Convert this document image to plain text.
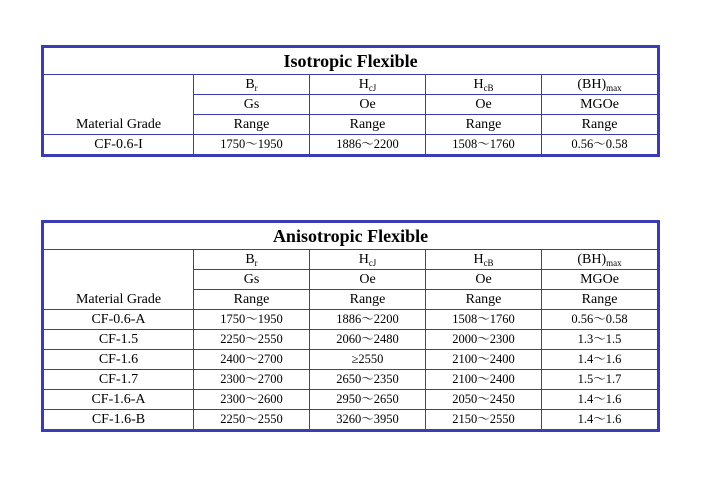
Isotropic Flexible				
Material Grade	$B_r$	$H_{cJ}$	$H_{cB}$	$(BH)_{max}$
	Gs	Oe	Oe	MGOe
	Range	Range	Range	Range
CF-0.6-I	1750～1950	1886～2200	1508～1760	0.56～0.58
Anisotropic Flexible				
Material Grade	$B_r$	$H_{cJ}$	$H_{cB}$	$(BH)_{max}$
	Gs	Oe	Oe	MGOe
	Range	Range	Range	Range
CF-0.6-A	1750～1950	1886～2200	1508～1760	0.56～0.58
CF-1.5	2250～2550	2060～2480	2000～2300	1.3～1.5
CF-1.6	2400～2700	≥2550	2100～2400	1.4～1.6
CF-1.7	2300～2700	2650～2350	2100～2400	1.5～1.7
CF-1.6-A	2300～2600	2950～2650	2050～2450	1.4～1.6
CF-1.6-B	2250～2550	3260～3950	2150～2550	1.4～1.6
